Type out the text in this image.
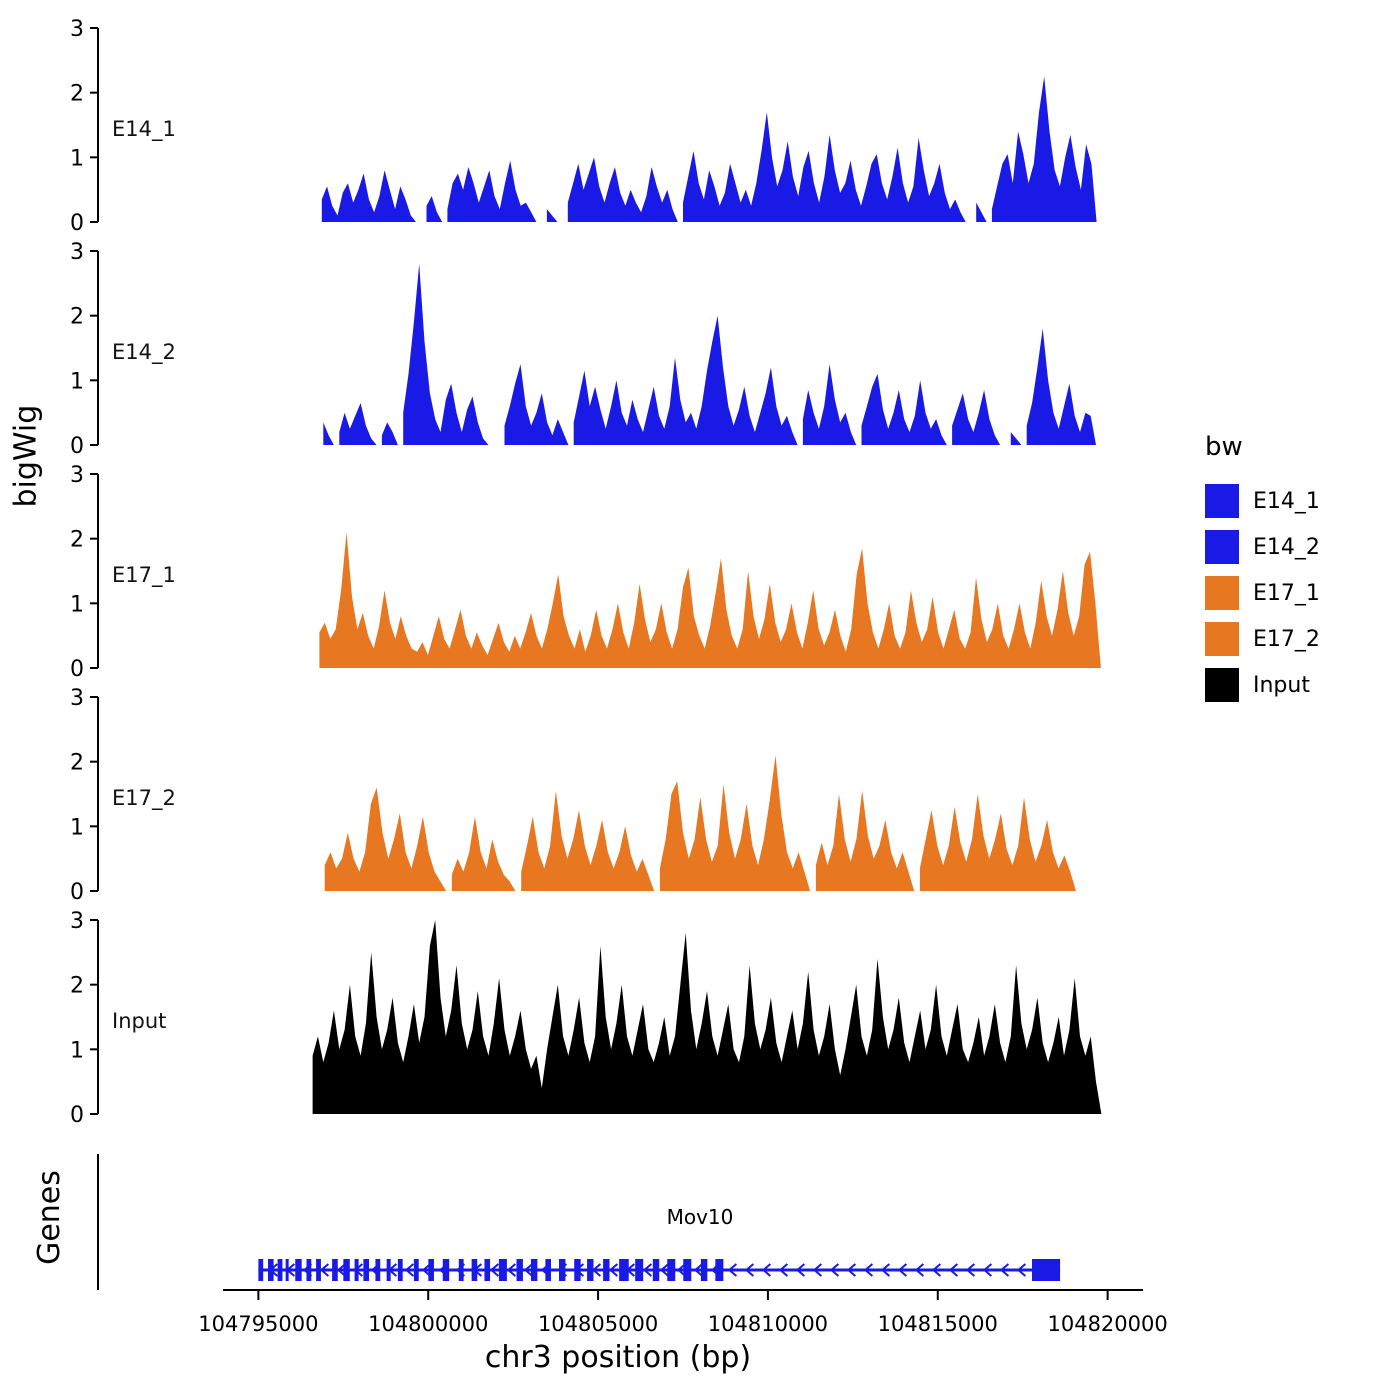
bigWig
Genes
0
1
2
3
0
1
2
3
0
1
2
3
0
1
2
3
0
1
2
3
E14_1
E14_2
E17_1
E17_2
Input
Mov10
104795000 104800000 104805000 104810000 104815000 104820000
chr3 position (bp)
bw
E14_1
E14_2
E17_1
E17_2
Input
